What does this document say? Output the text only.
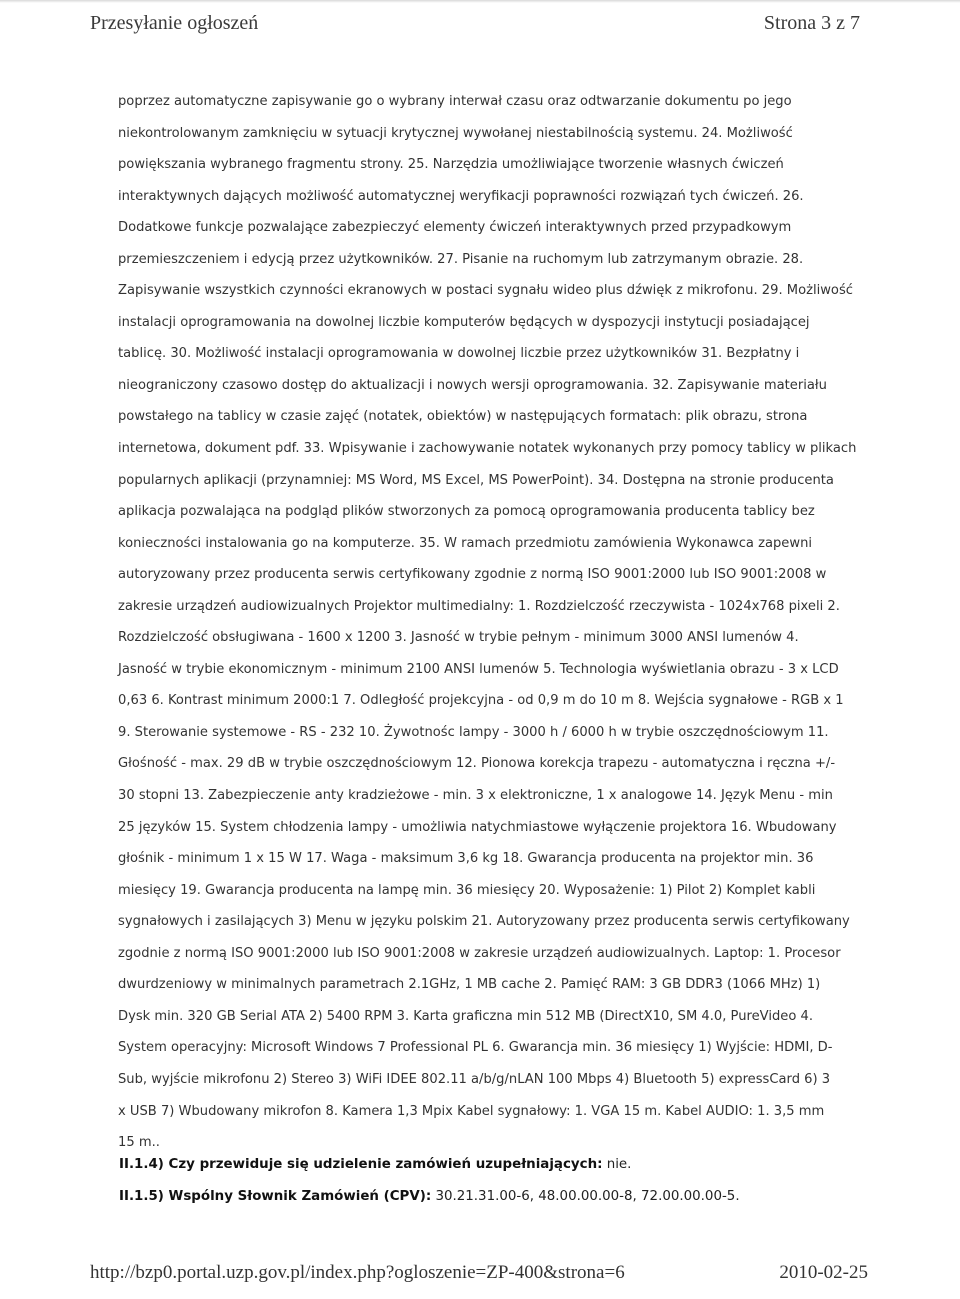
Przesyłanie ogłoszeń	Strona 3 z 7
poprzez automatyczne zapisywanie go o wybrany interwał czasu oraz odtwarzanie dokumentu po jego
niekontrolowanym zamknięciu w sytuacji krytycznej wywołanej niestabilnością systemu. 24. Możliwość
powiększania wybranego fragmentu strony. 25. Narzędzia umożliwiające tworzenie własnych ćwiczeń
interaktywnych dających możliwość automatycznej weryfikacji poprawności rozwiązań tych ćwiczeń. 26.
Dodatkowe funkcje pozwalające zabezpieczyć elementy ćwiczeń interaktywnych przed przypadkowym
przemieszczeniem i edycją przez użytkowników. 27. Pisanie na ruchomym lub zatrzymanym obrazie. 28.
Zapisywanie wszystkich czynności ekranowych w postaci sygnału wideo plus dźwięk z mikrofonu. 29. Możliwość
instalacji oprogramowania na dowolnej liczbie komputerów będących w dyspozycji instytucji posiadającej
tablicę. 30. Możliwość instalacji oprogramowania w dowolnej liczbie przez użytkowników 31. Bezpłatny i
nieograniczony czasowo dostęp do aktualizacji i nowych wersji oprogramowania. 32. Zapisywanie materiału
powstałego na tablicy w czasie zajęć (notatek, obiektów) w następujących formatach: plik obrazu, strona
internetowa, dokument pdf. 33. Wpisywanie i zachowywanie notatek wykonanych przy pomocy tablicy w plikach
popularnych aplikacji (przynamniej: MS Word, MS Excel, MS PowerPoint). 34. Dostępna na stronie producenta
aplikacja pozwalająca na podgląd plików stworzonych za pomocą oprogramowania producenta tablicy bez
konieczności instalowania go na komputerze. 35. W ramach przedmiotu zamówienia Wykonawca zapewni
autoryzowany przez producenta serwis certyfikowany zgodnie z normą ISO 9001:2000 lub ISO 9001:2008 w
zakresie urządzeń audiowizualnych Projektor multimedialny: 1. Rozdzielczość rzeczywista - 1024x768 pixeli 2.
Rozdzielczość obsługiwana - 1600 x 1200 3. Jasność w trybie pełnym - minimum 3000 ANSI lumenów 4.
Jasność w trybie ekonomicznym - minimum 2100 ANSI lumenów 5. Technologia wyświetlania obrazu - 3 x LCD
0,63 6. Kontrast minimum 2000:1 7. Odległość projekcyjna - od 0,9 m do 10 m 8. Wejścia sygnałowe - RGB x 1
9. Sterowanie systemowe - RS - 232 10. Żywotnośc lampy - 3000 h / 6000 h w trybie oszczędnościowym 11.
Głośność - max. 29 dB w trybie oszczędnościowym 12. Pionowa korekcja trapezu - automatyczna i ręczna +/-
30 stopni 13. Zabezpieczenie anty kradzieżowe - min. 3 x elektroniczne, 1 x analogowe 14. Język Menu - min
25 języków 15. System chłodzenia lampy - umożliwia natychmiastowe wyłączenie projektora 16. Wbudowany
głośnik - minimum 1 x 15 W 17. Waga - maksimum 3,6 kg 18. Gwarancja producenta na projektor min. 36
miesięcy 19. Gwarancja producenta na lampę min. 36 miesięcy 20. Wyposażenie: 1) Pilot 2) Komplet kabli
sygnałowych i zasilających 3) Menu w języku polskim 21. Autoryzowany przez producenta serwis certyfikowany
zgodnie z normą ISO 9001:2000 lub ISO 9001:2008 w zakresie urządzeń audiowizualnych. Laptop: 1. Procesor
dwurdzeniowy w minimalnych parametrach 2.1GHz, 1 MB cache 2. Pamięć RAM: 3 GB DDR3 (1066 MHz) 1)
Dysk min. 320 GB Serial ATA 2) 5400 RPM 3. Karta graficzna min 512 MB (DirectX10, SM 4.0, PureVideo 4.
System operacyjny: Microsoft Windows 7 Professional PL 6. Gwarancja min. 36 miesięcy 1) Wyjście: HDMI, D-
Sub, wyjście mikrofonu 2) Stereo 3) WiFi IDEE 802.11 a/b/g/nLAN 100 Mbps 4) Bluetooth 5) expressCard 6) 3
x USB 7) Wbudowany mikrofon 8. Kamera 1,3 Mpix Kabel sygnałowy: 1. VGA 15 m. Kabel AUDIO: 1. 3,5 mm
15 m..
II.1.4) Czy przewiduje się udzielenie zamówień uzupełniających: nie.
II.1.5) Wspólny Słownik Zamówień (CPV): 30.21.31.00-6, 48.00.00.00-8, 72.00.00.00-5.
http://bzp0.portal.uzp.gov.pl/index.php?ogloszenie=ZP-400&strona=6	2010-02-25
